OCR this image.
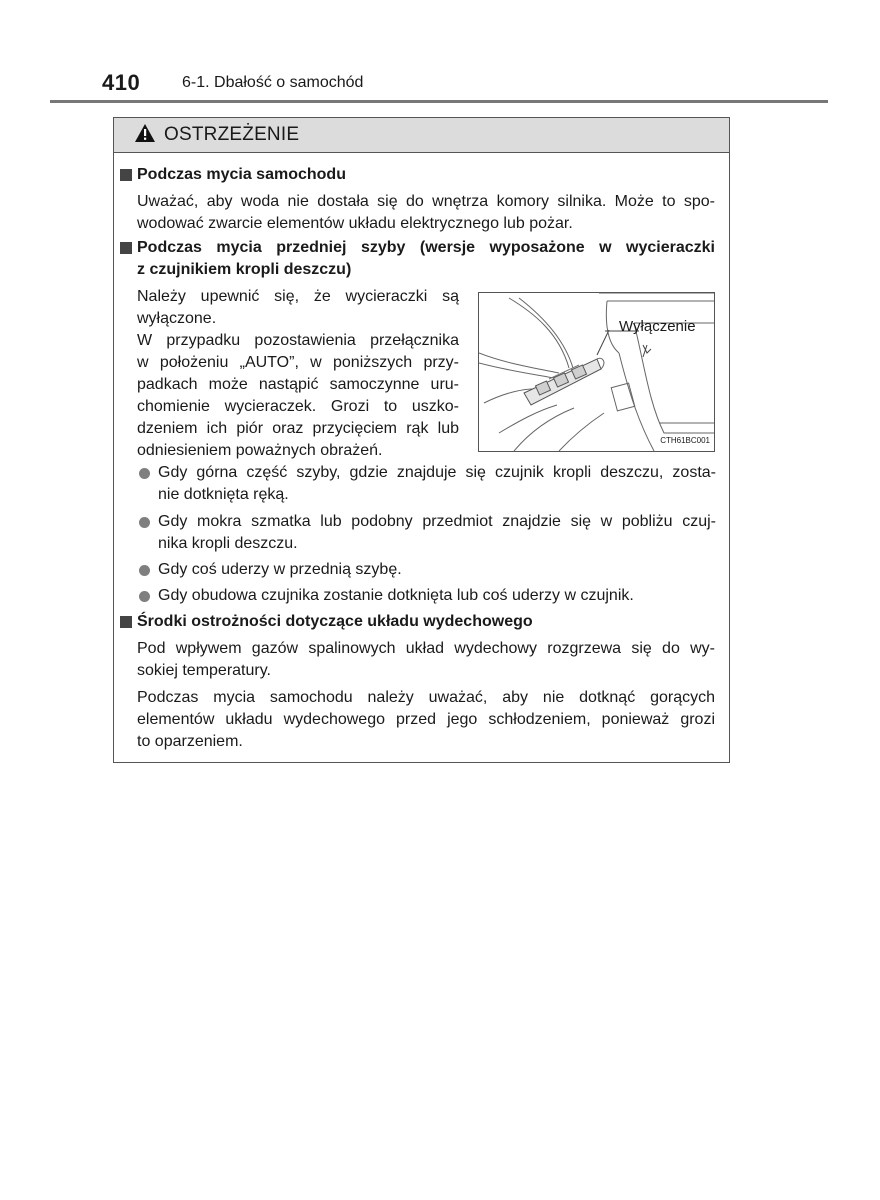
410	6-1. Dbałość o samochód
OSTRZEŻENIE
Podczas mycia samochodu
Uważać, aby woda nie dostała się do wnętrza komory silnika. Może to spo-
wodować zwarcie elementów układu elektrycznego lub pożar.
Podczas mycia przedniej szyby (wersje wyposażone w wycieraczki
z czujnikiem kropli deszczu)
Należy upewnić się, że wycieraczki są
wyłączone.
W przypadku pozostawienia przełącznika
w położeniu „AUTO”, w poniższych przy-
padkach może nastąpić samoczynne uru-
chomienie wycieraczek. Grozi to uszko-
dzeniem ich piór oraz przycięciem rąk lub
odniesieniem poważnych obrażeń.
Wyłączenie
CTH61BC001
Gdy górna część szyby, gdzie znajduje się czujnik kropli deszczu, zosta-
nie dotknięta ręką.
Gdy mokra szmatka lub podobny przedmiot znajdzie się w pobliżu czuj-
nika kropli deszczu.
Gdy coś uderzy w przednią szybę.
Gdy obudowa czujnika zostanie dotknięta lub coś uderzy w czujnik.
Środki ostrożności dotyczące układu wydechowego
Pod wpływem gazów spalinowych układ wydechowy rozgrzewa się do wy-
sokiej temperatury.
Podczas mycia samochodu należy uważać, aby nie dotknąć gorących
elementów układu wydechowego przed jego schłodzeniem, ponieważ grozi
to oparzeniem.
